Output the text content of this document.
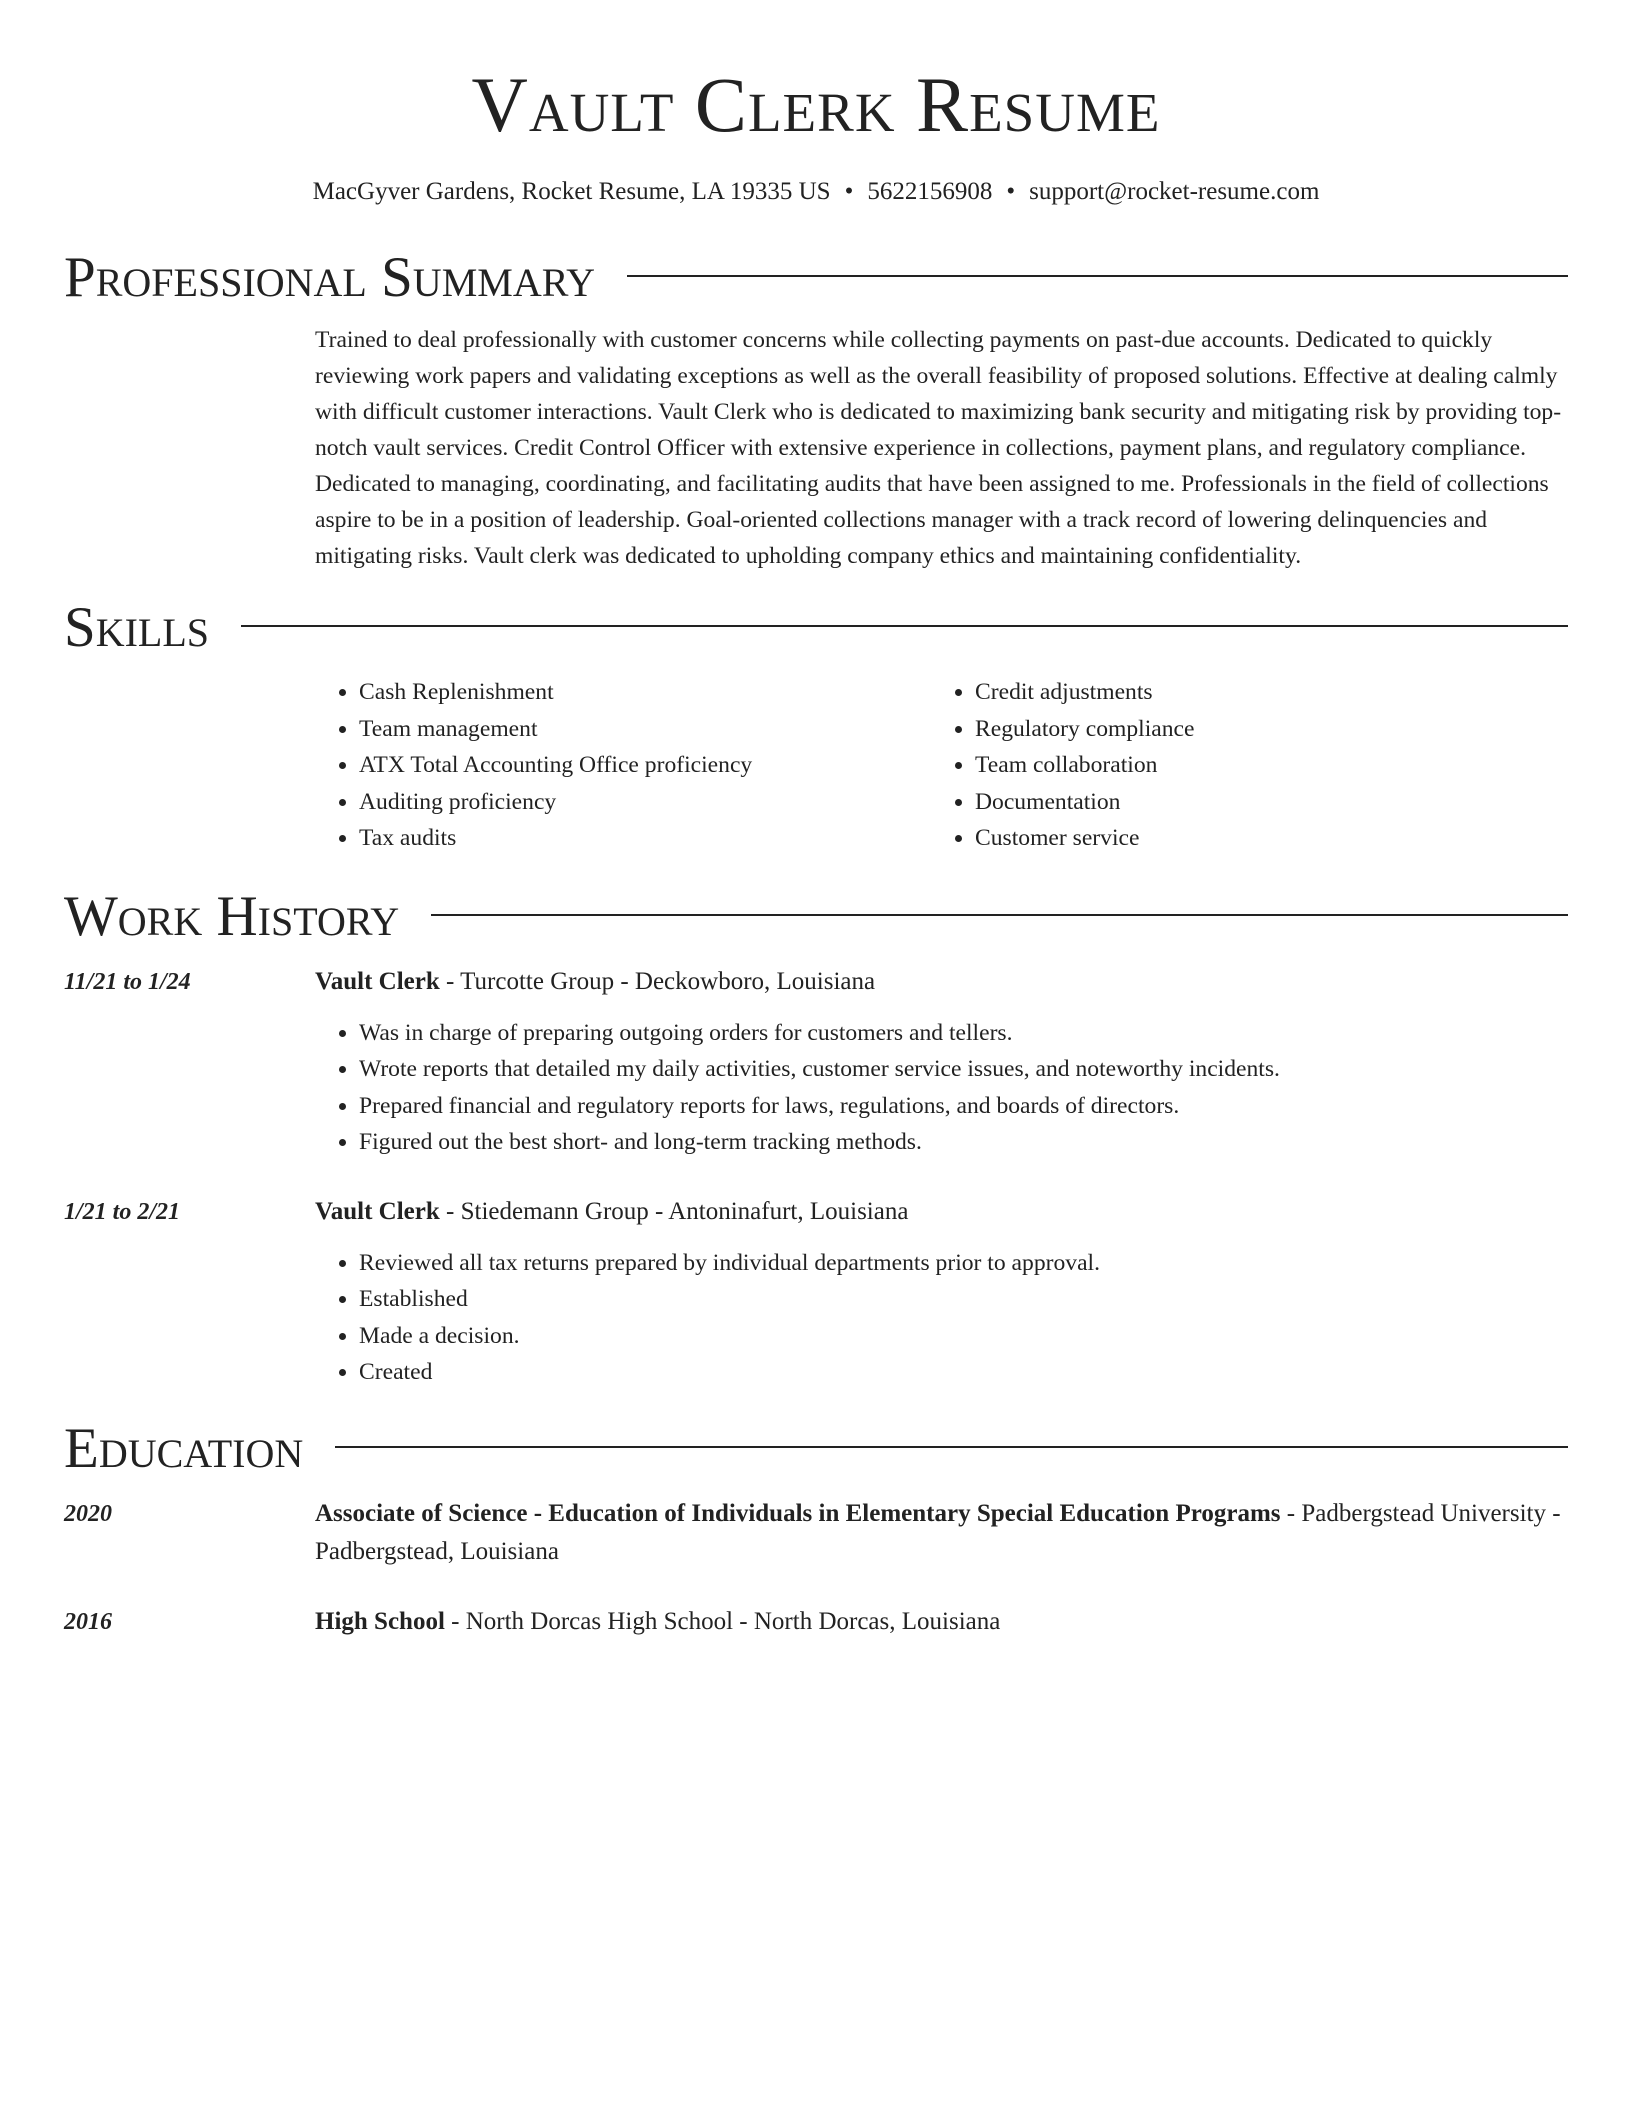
Vault Clerk Resume
MacGyver Gardens, Rocket Resume, LA 19335 US • 5622156908 • support@rocket-resume.com
Professional Summary

Trained to deal professionally with customer concerns while collecting payments on past-due accounts. Dedicated to quickly reviewing work papers and validating exceptions as well as the overall feasibility of proposed solutions. Effective at dealing calmly with difficult customer interactions. Vault Clerk who is dedicated to maximizing bank security and mitigating risk by providing top-notch vault services. Credit Control Officer with extensive experience in collections, payment plans, and regulatory compliance. Dedicated to managing, coordinating, and facilitating audits that have been assigned to me. Professionals in the field of collections aspire to be in a position of leadership. Goal-oriented collections manager with a track record of lowering delinquencies and mitigating risks. Vault clerk was dedicated to upholding company ethics and maintaining confidentiality.

Skills
• Cash Replenishment
• Team management
• ATX Total Accounting Office proficiency
• Auditing proficiency
• Tax audits
• Credit adjustments
• Regulatory compliance
• Team collaboration
• Documentation
• Customer service
Work History
11/21 to 1/24	Vault Clerk - Turcotte Group - Deckowboro, Louisiana
• Was in charge of preparing outgoing orders for customers and tellers.
• Wrote reports that detailed my daily activities, customer service issues, and noteworthy incidents.
• Prepared financial and regulatory reports for laws, regulations, and boards of directors.
• Figured out the best short- and long-term tracking methods.
1/21 to 2/21	Vault Clerk - Stiedemann Group - Antoninafurt, Louisiana
• Reviewed all tax returns prepared by individual departments prior to approval.
• Established
• Made a decision.
• Created
Education
2020	Associate of Science - Education of Individuals in Elementary Special Education Programs - Padbergstead University - Padbergstead, Louisiana
2016	High School - North Dorcas High School - North Dorcas, Louisiana
